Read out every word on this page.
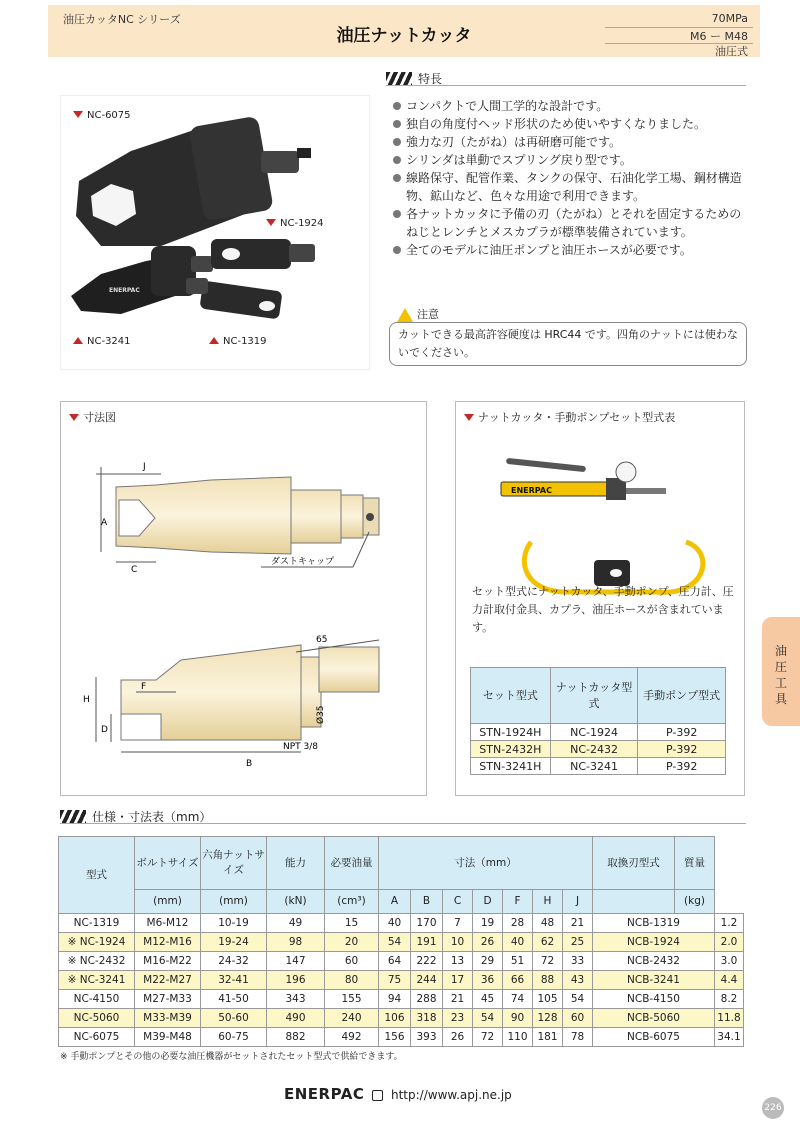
油圧カッタNC シリーズ
油圧ナットカッタ
70MPa
M6 ー M48
油圧式
ENERPAC
NC-6075
NC-1924
NC-3241	NC-1319
特長
コンパクトで人間工学的な設計です。
独自の角度付ヘッド形状のため使いやすくなりました。
強力な刃（たがね）は再研磨可能です。
シリンダは単動でスプリング戻り型です。
線路保守、配管作業、タンクの保守、石油化学工場、鋼材構造物、鉱山など、色々な用途で利用できます。
各ナットカッタに予備の刃（たがね）とそれを固定するためのねじとレンチとメスカプラが標準装備されています。
全てのモデルに油圧ポンプと油圧ホースが必要です。
注意
カットできる最高許容硬度は HRC44 です。四角のナットには使わないでください。
寸法図
J
A
C
ダストキャップ
65
F
H
D
Ø35
B
NPT 3/8
ナットカッタ・手動ポンプセット型式表
ENERPAC
セット型式にナットカッタ、手動ポンプ、圧力計、圧力計取付金具、カプラ、油圧ホースが含まれています。
セット型式	ナットカッタ型式	手動ポンプ型式
STN-1924H	NC-1924	P-392
STN-2432H	NC-2432	P-392
STN-3241H	NC-3241	P-392
油圧工具
仕様・寸法表（mm）
型式	ボルトサイズ	六角ナットサイズ	能力	必要油量	寸法（mm）							取換刃型式	質量	
	(mm)	(mm)	(kN)	(cm³)	A	B	C	D	F	H	J		(kg)	
NC-1319	M6-M12	10-19	49	15	40	170	7	19	28	48	21	NCB-1319		1.2
※ NC-1924	M12-M16	19-24	98	20	54	191	10	26	40	62	25	NCB-1924		2.0
※ NC-2432	M16-M22	24-32	147	60	64	222	13	29	51	72	33	NCB-2432		3.0
※ NC-3241	M22-M27	32-41	196	80	75	244	17	36	66	88	43	NCB-3241		4.4
NC-4150	M27-M33	41-50	343	155	94	288	21	45	74	105	54	NCB-4150		8.2
NC-5060	M33-M39	50-60	490	240	106	318	23	54	90	128	60	NCB-5060		11.8
NC-6075	M39-M48	60-75	882	492	156	393	26	72	110	181	78	NCB-6075		34.1
※ 手動ポンプとその他の必要な油圧機器がセットされたセット型式で供給できます。
ENERPAC http://www.apj.ne.jp
226
